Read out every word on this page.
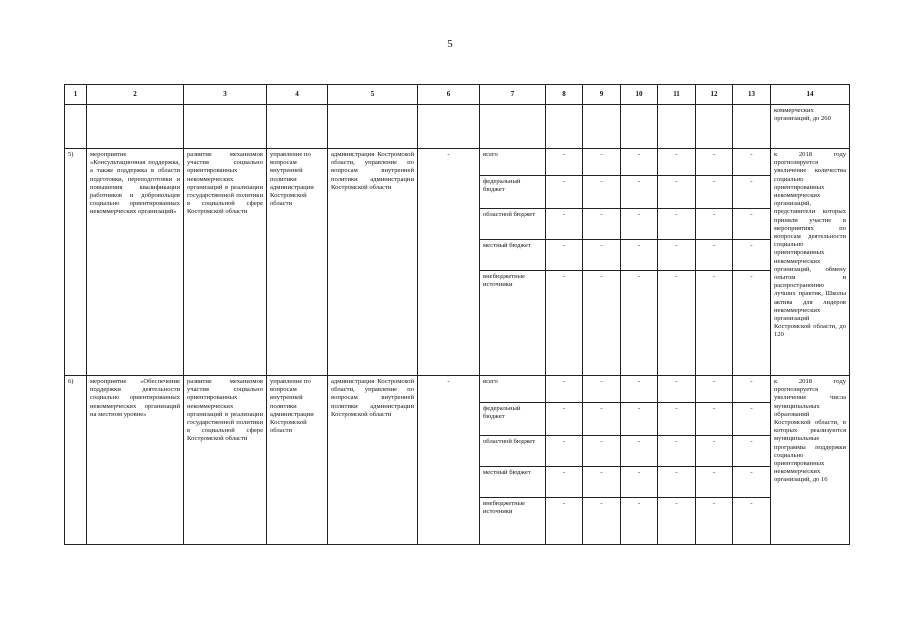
5
1	2	3	4	5	6	7	8	9	10	11	12	13	14
													коммерческих организаций, до 260
5)	мероприятие «Консультационная поддержка, а также поддержка в области подготовки, переподготовки и повышения квалификации работников и добровольцев социально ориентированных некоммерческих организаций»	развитие механизмов участия социально ориентированных некоммерческих организаций в реализации государственной политики в социальной сфере Костромской области	управление по вопросам внутренней политики администрации Костромской области	администрация Костромской области, управление по вопросам внутренней политики администрации Костромской области	-	всего	-	-	-	-	-	-	к 2018 году прогнозируется увеличение количества социально ориентированных некоммерческих организаций, представители которых приняли участие в мероприятиях по вопросам деятельности социально ориентированных некоммерческих организаций, обмену опытом и распространению лучших практик, Школы актива для лидеров некоммерческих организаций Костромской области, до 120
						федеральный бюджет	-	-	-	-	-	-	
						областной бюджет	-	-	-	-	-	-	
						местный бюджет	-	-	-	-	-	-	
						внебюджетные источники	-	-	-	-	-	-	
6)	мероприятие «Обеспечение поддержки деятельности социально ориентированных некоммерческих организаций на местном уровне»	развитие механизмов участия социально ориентированных некоммерческих организаций в реализации государственной политики в социальной сфере Костромской области	управление по вопросам внутренней политики администрации Костромской области	администрация Костромской области, управление по вопросам внутренней политики администрации Костромской области	-	всего	-	-	-	-	-	-	к 2018 году прогнозируется увеличение числа муниципальных образований Костромской области, в которых реализуются муниципальные программы поддержки социально ориентированных некоммерческих организаций, до 16
						федеральный бюджет	-	-	-	-	-	-	
						областной бюджет	-	-	-	-	-	-	
						местный бюджет	-	-	-	-	-	-	
						внебюджетные источники	-	-	-	-	-	-	
